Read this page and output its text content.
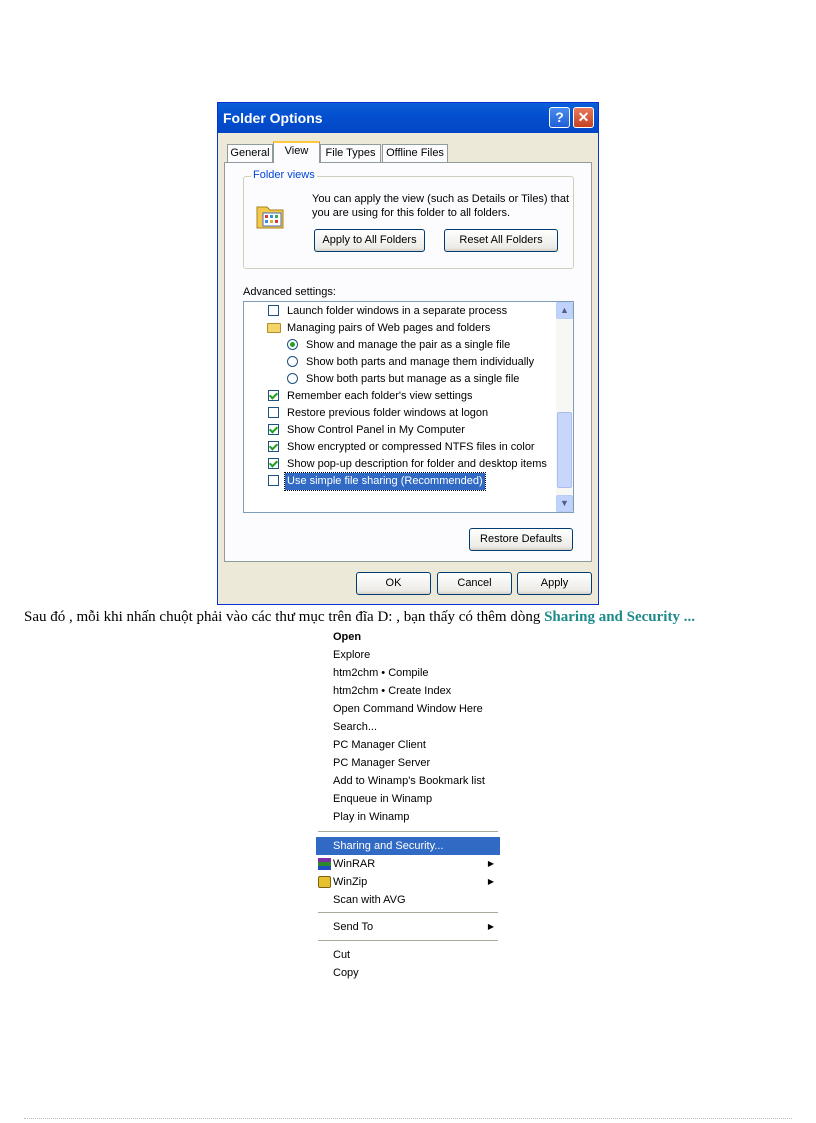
Folder Options	? ✕
General	View	File Types Offline Files
Folder views
You can apply the view (such as Details or Tiles) that you are using for this folder to all folders.
Apply to All Folders	Reset All Folders
Advanced settings:
Launch folder windows in a separate process
Managing pairs of Web pages and folders
Show and manage the pair as a single file
Show both parts and manage them individually
Show both parts but manage as a single file
Remember each folder's view settings
Restore previous folder windows at logon
Show Control Panel in My Computer
Show encrypted or compressed NTFS files in color
Show pop-up description for folder and desktop items
Use simple file sharing (Recommended)
▲
▼
Restore Defaults
OK	Cancel	Apply
Sau đó , mỗi khi nhấn chuột phải vào các thư mục trên đĩa D: , bạn thấy có thêm dòng Sharing and Security ...
Open
Explore
htm2chm • Compile
htm2chm • Create Index
Open Command Window Here
Search...
PC Manager Client
PC Manager Server
Add to Winamp's Bookmark list
Enqueue in Winamp
Play in Winamp
Sharing and Security...
WinRAR	▶
WinZip	▶
Scan with AVG
Send To	▶
Cut
Copy
